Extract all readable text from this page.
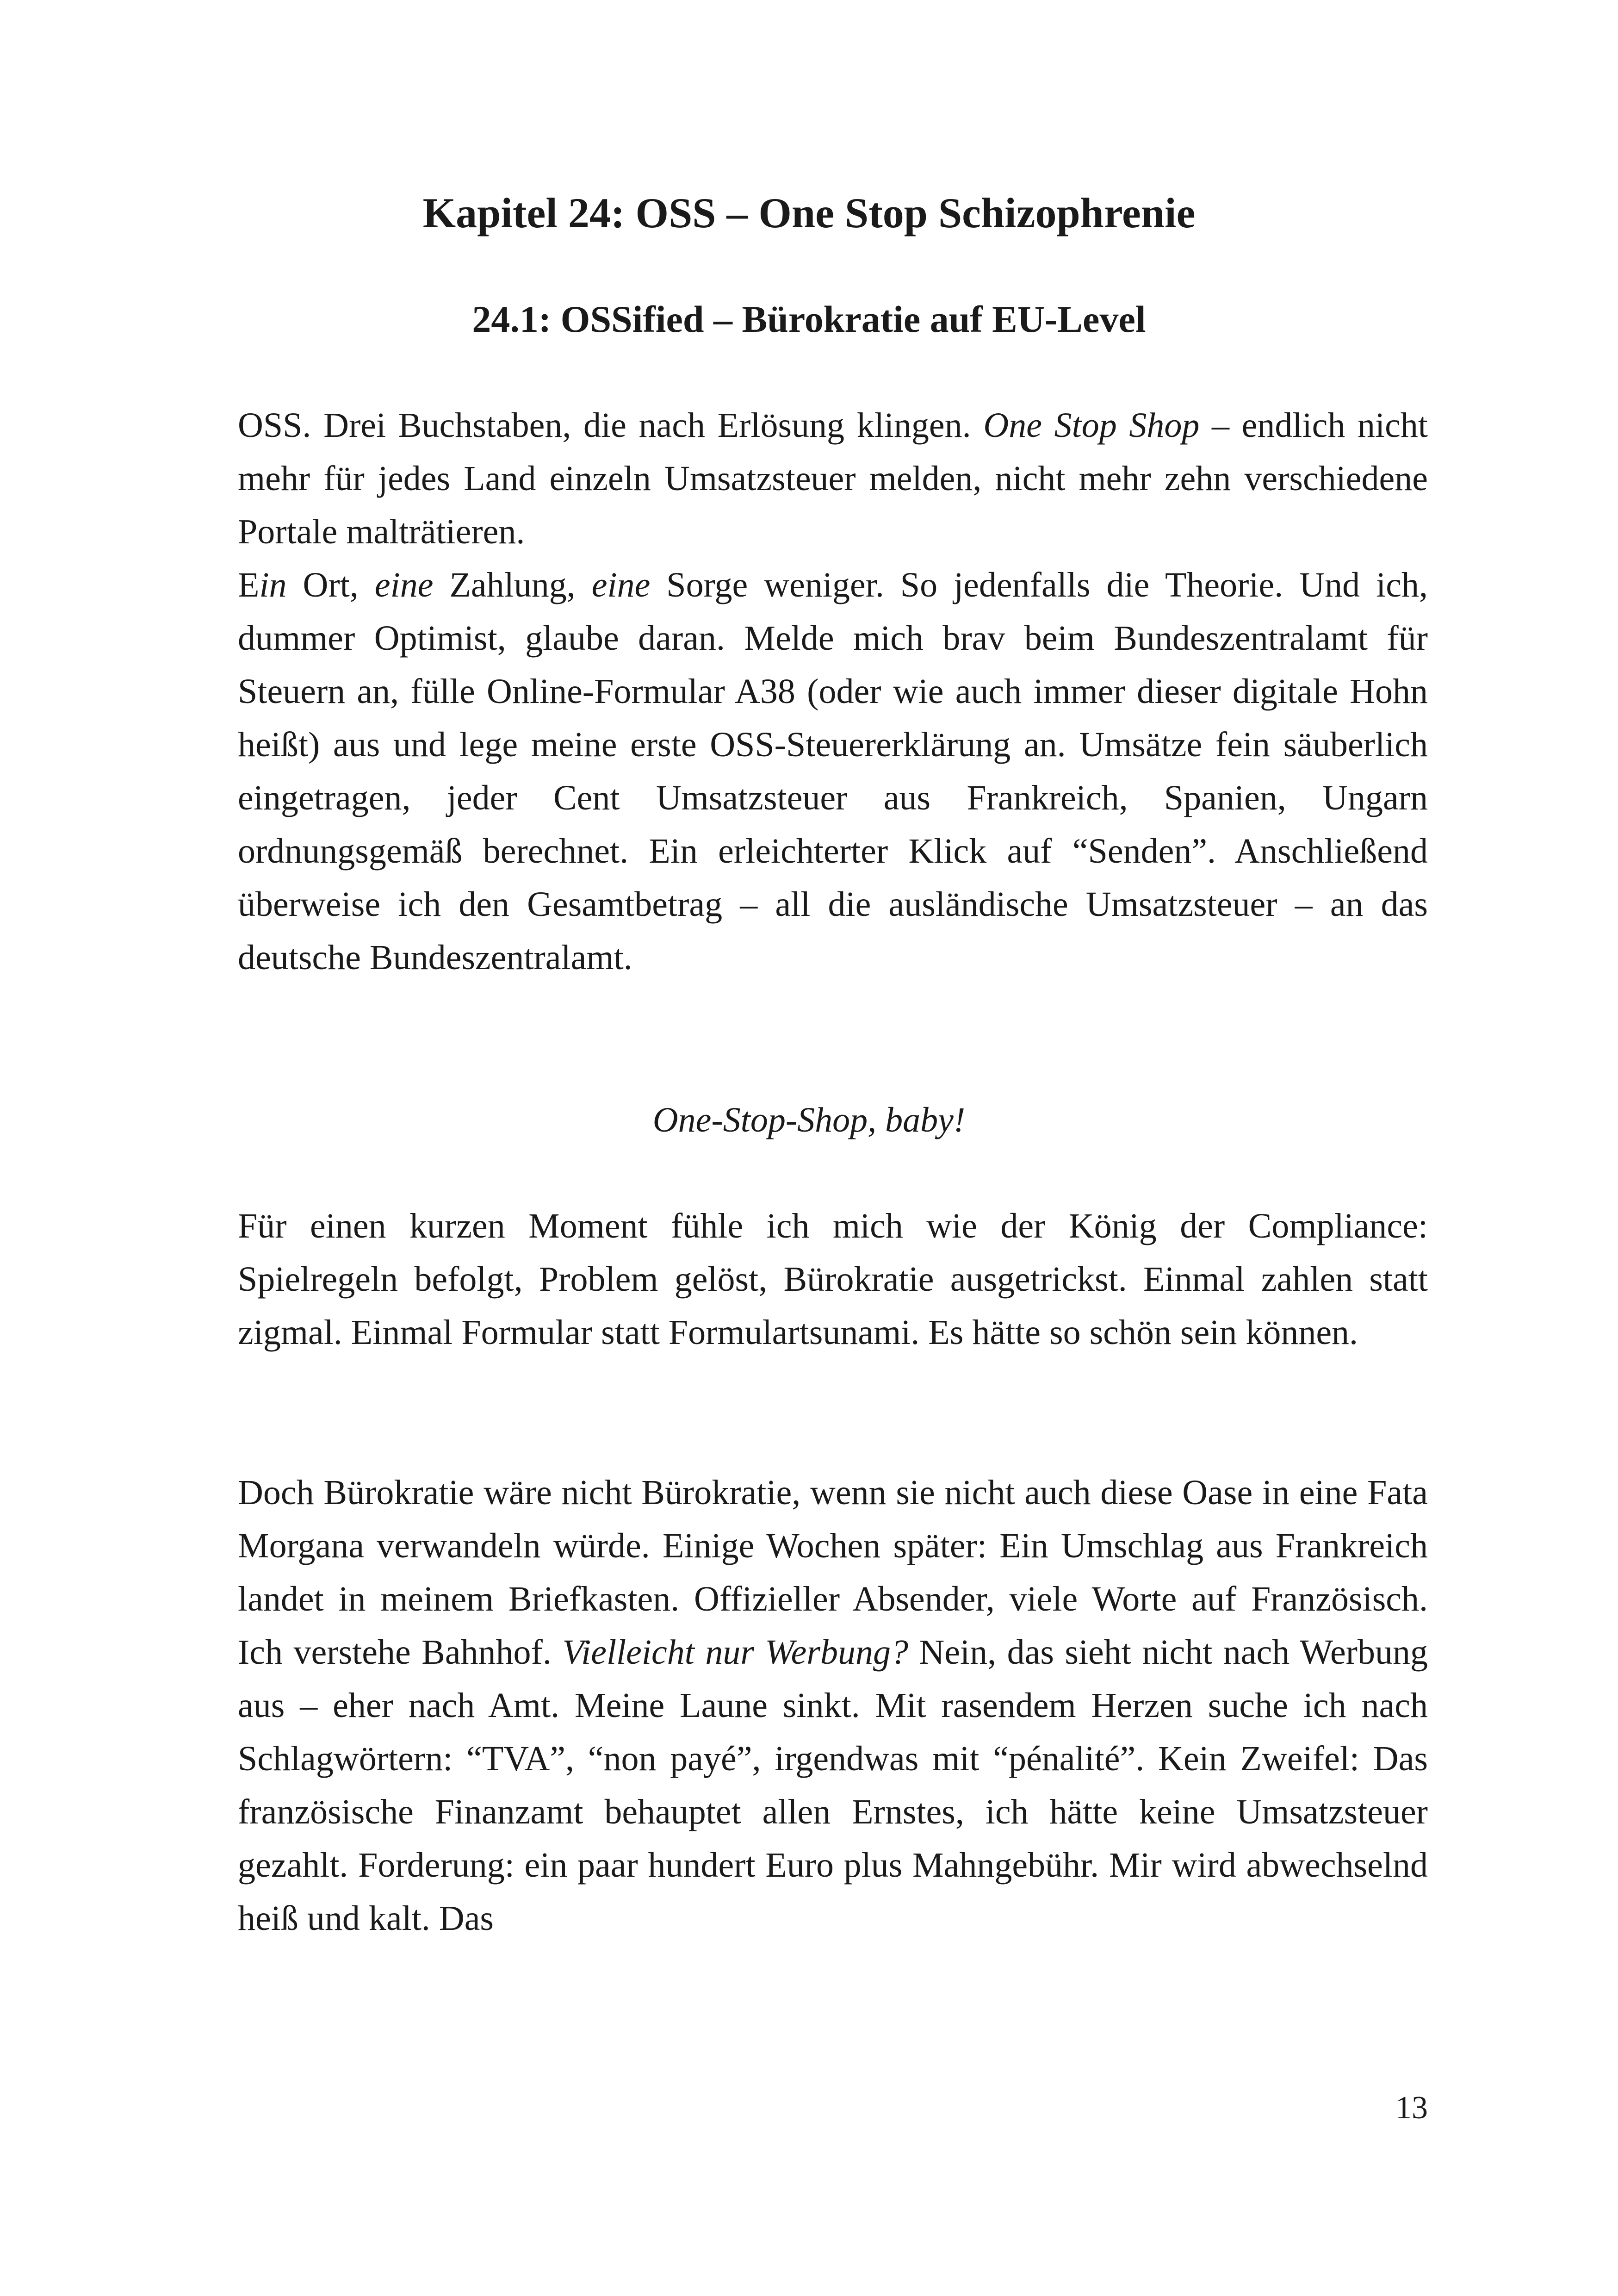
Kapitel 24: OSS – One Stop Schizophrenie
24.1: OSSified – Bürokratie auf EU-Level

OSS. Drei Buchstaben, die nach Erlösung klingen. One Stop Shop – endlich nicht mehr für jedes Land einzeln Umsatzsteuer melden, nicht mehr zehn verschiedene Portale malträtieren.
Ein Ort, eine Zahlung, eine Sorge weniger. So jedenfalls die Theorie. Und ich, dummer Optimist, glaube daran. Melde mich brav beim Bundeszentralamt für Steuern an, fülle Online-Formular A38 (oder wie auch immer dieser digitale Hohn heißt) aus und lege meine erste OSS-Steuererklärung an. Umsätze fein säuberlich eingetragen, jeder Cent Umsatzsteuer aus Frankreich, Spanien, Ungarn ordnungsgemäß berechnet. Ein erleichterter Klick auf “Senden”. Anschließend überweise ich den Gesamtbetrag – all die ausländische Umsatzsteuer – an das deutsche Bundeszentralamt.

One-Stop-Shop, baby!

Für einen kurzen Moment fühle ich mich wie der König der Compliance: Spielregeln befolgt, Problem gelöst, Bürokratie ausgetrickst. Einmal zahlen statt zigmal. Einmal Formular statt Formulartsunami. Es hätte so schön sein können.

Doch Bürokratie wäre nicht Bürokratie, wenn sie nicht auch diese Oase in eine Fata Morgana verwandeln würde. Einige Wochen später: Ein Umschlag aus Frankreich landet in meinem Briefkasten. Offizieller Absender, viele Worte auf Französisch. Ich verstehe Bahnhof. Vielleicht nur Werbung? Nein, das sieht nicht nach Werbung aus – eher nach Amt. Meine Laune sinkt. Mit rasendem Herzen suche ich nach Schlagwörtern: “TVA”, “non payé”, irgendwas mit “pénalité”. Kein Zweifel: Das französische Finanzamt behauptet allen Ernstes, ich hätte keine Umsatzsteuer gezahlt. Forderung: ein paar hundert Euro plus Mahngebühr. Mir wird abwechselnd heiß und kalt. Das

13
